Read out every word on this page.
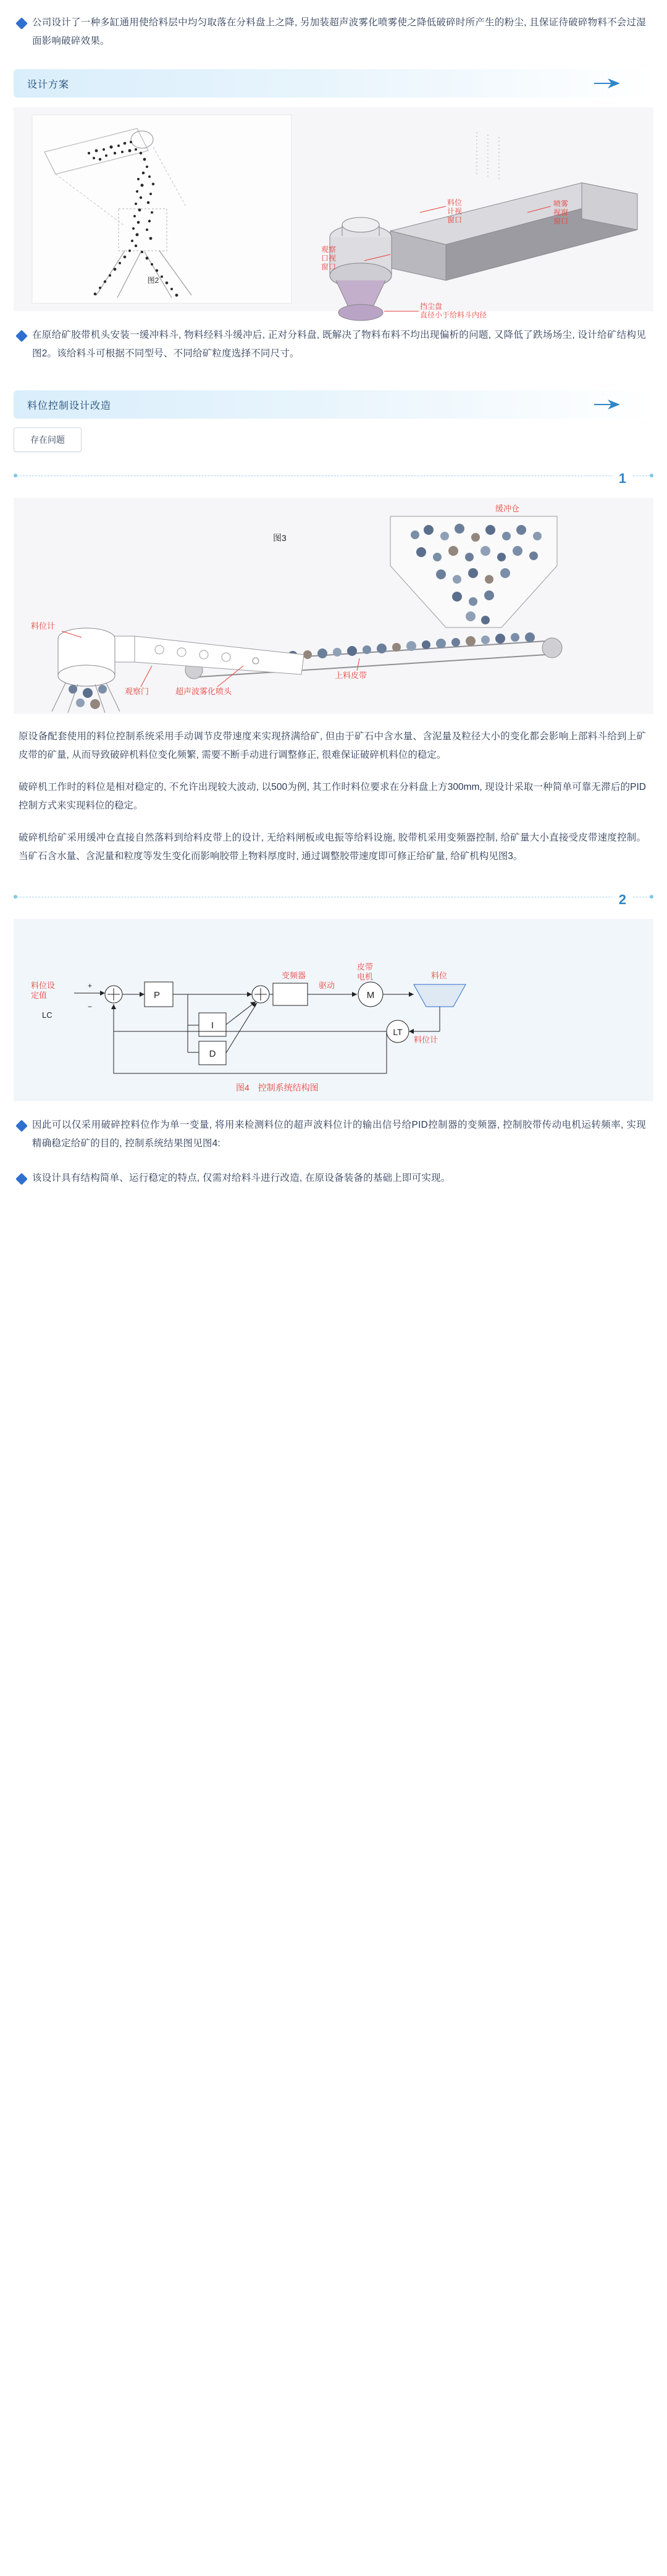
公司设计了一种多缸通用使给料层中均匀取落在分料盘上之降, 另加装超声波雾化喷雾使之降低破碎时所产生的粉尘, 且保证待破碎物料不会过湿面影响破碎效果。
设计方案
图2
料位
计视
窗口
观察
口视
窗口
喷雾
视窗
窗口
挡尘盘
直径小于给料斗内径
在原给矿胶带机头安装一缓冲料斗, 物料经料斗缓冲后, 正对分料盘, 既解决了物料布料不均出现偏析的问题, 又降低了跌场场尘, 设计给矿结构见图2。该给料斗可根据不同型号、不同给矿粒度选择不同尺寸。
料位控制设计改造
存在问题
1
缓冲仓
料位计
观察门	超声波雾化喷头
上料皮带
图3
原设备配套使用的料位控制系统采用手动调节皮带速度来实现挤满给矿, 但由于矿石中含水量、含泥量及粒径大小的变化都会影响上部料斗给到上矿皮带的矿量, 从而导致破碎机料位变化频繁, 需要不断手动进行调整修正, 很难保证破碎机料位的稳定。
破碎机工作时的料位是相对稳定的, 不允许出现较大波动, 以500为例, 其工作时料位要求在分料盘上方300mm, 现设计采取一种简单可靠无滞后的PID控制方式来实现料位的稳定。
破碎机给矿采用缓冲仓直接自然落料到给料皮带上的设计, 无给料闸板或电振等给料设施, 胶带机采用变频器控制, 给矿量大小直接受皮带速度控制。当矿石含水量、含泥量和粒度等发生变化而影响胶带上物料厚度时, 通过调整胶带速度即可修正给矿量, 给矿机构见图3。
2
料位设
定值
LC
+
−
P
I
D
变频器
驱动
皮带
电机
M
料位
LT
料位计
图4　控制系统结构图
因此可以仅采用破碎控料位作为单一变量, 将用来检测料位的超声波料位计的输出信号给PID控制器的变频器, 控制胶带传动电机运转频率, 实现精确稳定给矿的目的, 控制系统结果图见图4:
该设计具有结构简单、运行稳定的特点, 仅需对给料斗进行改造, 在原设备装备的基础上即可实现。
